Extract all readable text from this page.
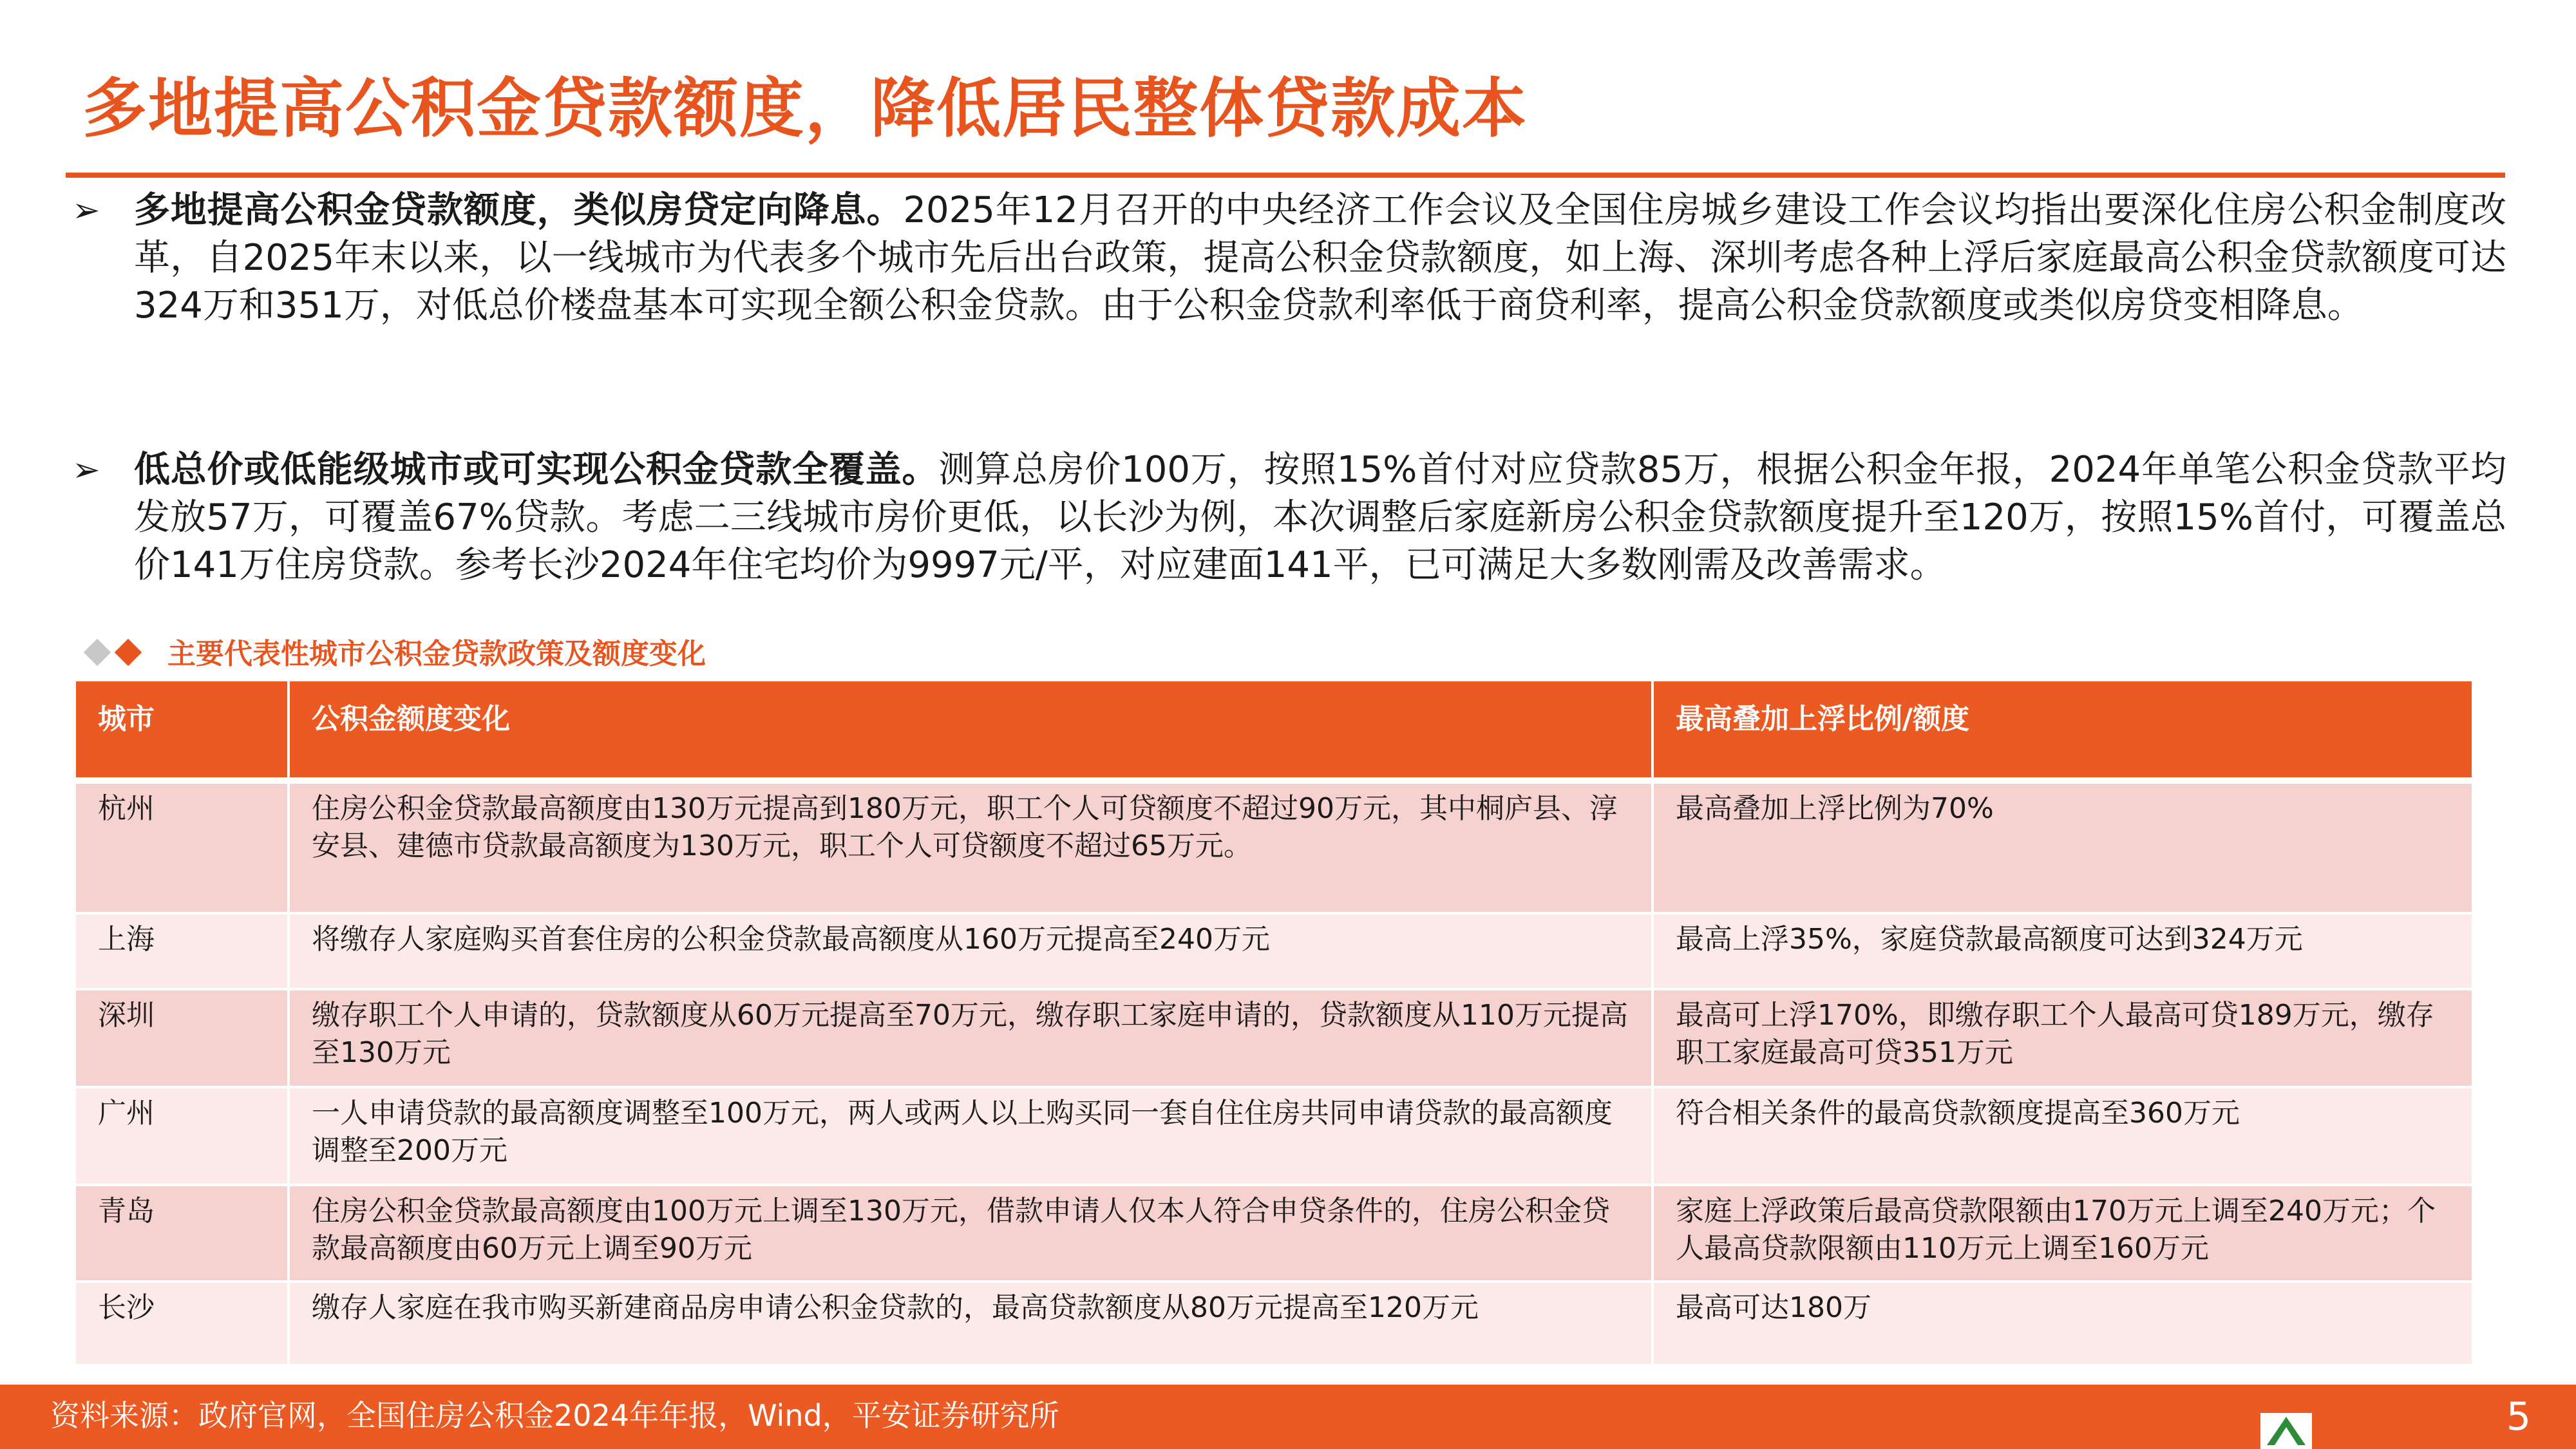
多地提高公积金贷款额度，降低居民整体贷款成本
➢ 多地提高公积金贷款额度，类似房贷定向降息。2025年12月召开的中央经济工作会议及全国住房城乡建设工作会议均指出要深化住房公积金制度改革，自2025年末以来，以一线城市为代表多个城市先后出台政策，提高公积金贷款额度，如上海、深圳考虑各种上浮后家庭最高公积金贷款额度可达324万和351万，对低总价楼盘基本可实现全额公积金贷款。由于公积金贷款利率低于商贷利率，提高公积金贷款额度或类似房贷变相降息。
➢ 低总价或低能级城市或可实现公积金贷款全覆盖。测算总房价100万，按照15%首付对应贷款85万，根据公积金年报，2024年单笔公积金贷款平均发放57万，可覆盖67%贷款。考虑二三线城市房价更低，以长沙为例，本次调整后家庭新房公积金贷款额度提升至120万，按照15%首付，可覆盖总价141万住房贷款。参考长沙2024年住宅均价为9997元/平，对应建面141平，已可满足大多数刚需及改善需求。
主要代表性城市公积金贷款政策及额度变化
城市	公积金额度变化	最高叠加上浮比例/额度
杭州	住房公积金贷款最高额度由130万元提高到180万元，职工个人可贷额度不超过90万元，其中桐庐县、淳安县、建德市贷款最高额度为130万元，职工个人可贷额度不超过65万元。	最高叠加上浮比例为70%
上海	将缴存人家庭购买首套住房的公积金贷款最高额度从160万元提高至240万元	最高上浮35%，家庭贷款最高额度可达到324万元
深圳	缴存职工个人申请的，贷款额度从60万元提高至70万元，缴存职工家庭申请的，贷款额度从110万元提高至130万元	最高可上浮170%，即缴存职工个人最高可贷189万元，缴存职工家庭最高可贷351万元
广州	一人申请贷款的最高额度调整至100万元，两人或两人以上购买同一套自住住房共同申请贷款的最高额度调整至200万元	符合相关条件的最高贷款额度提高至360万元
青岛	住房公积金贷款最高额度由100万元上调至130万元，借款申请人仅本人符合申贷条件的，住房公积金贷款最高额度由60万元上调至90万元	家庭上浮政策后最高贷款限额由170万元上调至240万元；个人最高贷款限额由110万元上调至160万元
长沙	缴存人家庭在我市购买新建商品房申请公积金贷款的，最高贷款额度从80万元提高至120万元	最高可达180万
资料来源：政府官网，全国住房公积金2024年年报，Wind，平安证券研究所	5
